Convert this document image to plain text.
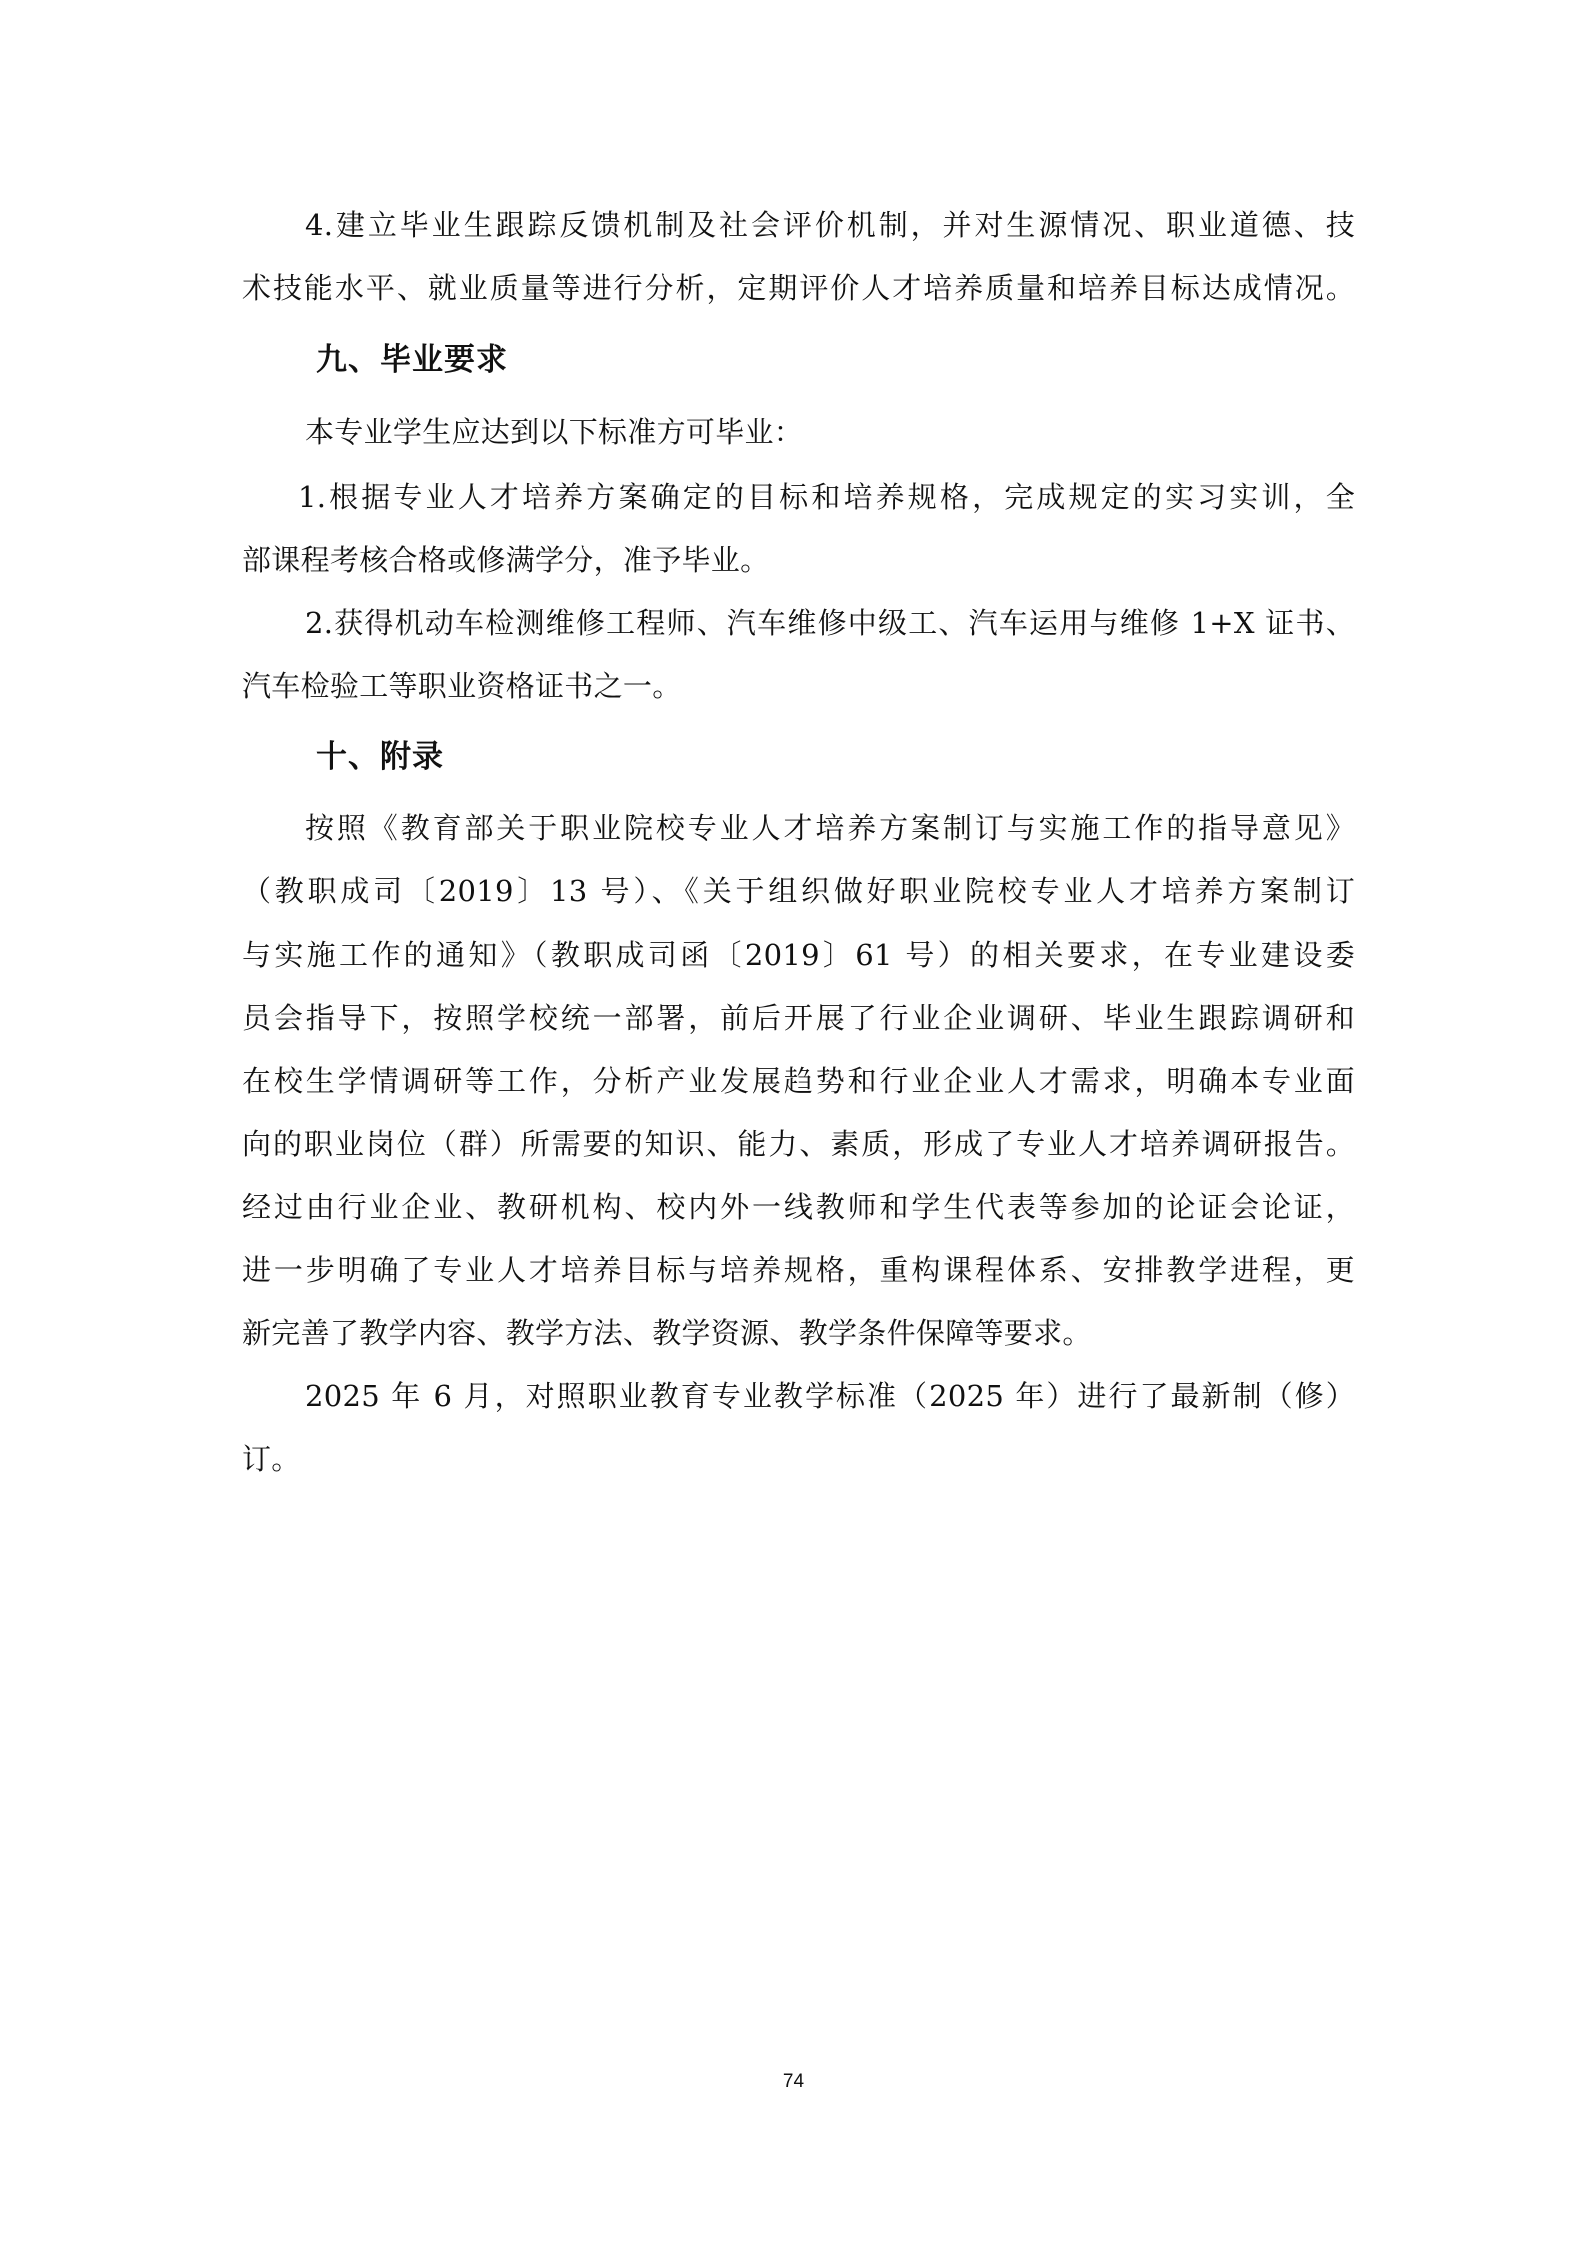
4.建立毕业生跟踪反馈机制及社会评价机制，并对生源情况、职业道德、技
术技能水平、就业质量等进行分析，定期评价人才培养质量和培养目标达成情况。
九、毕业要求
本专业学生应达到以下标准方可毕业：
1.根据专业人才培养方案确定的目标和培养规格，完成规定的实习实训，全
部课程考核合格或修满学分，准予毕业。
2.获得机动车检测维修工程师、汽车维修中级工、汽车运用与维修 1+X 证书、
汽车检验工等职业资格证书之一。
十、附录
按照《教育部关于职业院校专业人才培养方案制订与实施工作的指导意见》
（教职成司〔2019〕13 号）、《关于组织做好职业院校专业人才培养方案制订
与实施工作的通知》（教职成司函〔2019〕61 号）的相关要求，在专业建设委
员会指导下，按照学校统一部署，前后开展了行业企业调研、毕业生跟踪调研和
在校生学情调研等工作，分析产业发展趋势和行业企业人才需求，明确本专业面
向的职业岗位（群）所需要的知识、能力、素质，形成了专业人才培养调研报告。
经过由行业企业、教研机构、校内外一线教师和学生代表等参加的论证会论证，
进一步明确了专业人才培养目标与培养规格，重构课程体系、安排教学进程，更
新完善了教学内容、教学方法、教学资源、教学条件保障等要求。
2025 年 6 月，对照职业教育专业教学标准（2025 年）进行了最新制（修）
订。
74
